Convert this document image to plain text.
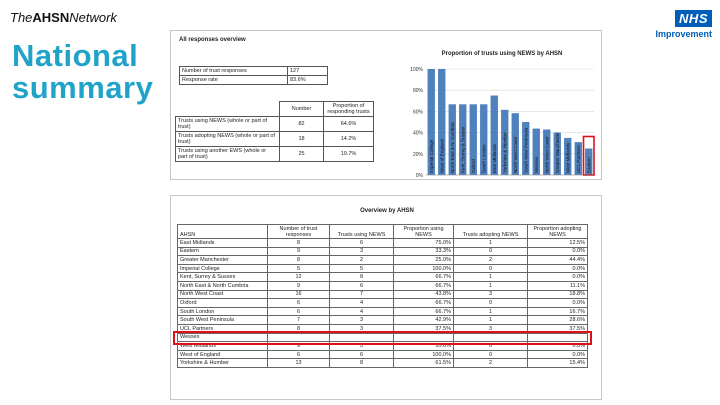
TheAHSNNetwork
National
summary
NHS
Improvement
All responses overview
Number of trust responses	127
Response rate	83.6%
	Number	Proportion of responding trusts
Trusts using NEWS (whole or part of trust)	82	64.6%
Trusts adopting NEWS (whole or part of trust)	18	14.2%
Trusts using another EWS (whole or part of trust)	25	19.7%
Proportion of trusts using NEWS by AHSN
0%
20%
40%
60%
80%
100%
Imperial College West of England North East & N. Cumbria Kent, Surrey & Sussex Oxford South London East Midlands Yorkshire & Humber North West Coast South West Peninsula Wessex North West Coast Greater Manchester West Midlands UCL Partners Eastern
Overview by AHSN
AHSN	Number of trust responses	Trusts using NEWS	Proportion using NEWS	Trusts adopting NEWS	Proportion adopting NEWS
East Midlands	8	6	75.0%	1	12.5%
Eastern	9	3	33.3%	0	0.0%
Greater Manchester	8	2	25.0%	2	44.4%
Imperial College	5	5	100.0%	0	0.0%
Kent, Surrey & Sussex	12	8	66.7%	1	0.0%
North East & North Cumbria	9	6	66.7%	1	11.1%
North West Coast	16	7	43.8%	3	18.8%
Oxford	6	4	66.7%	0	0.0%
South London	6	4	66.7%	1	16.7%
South West Peninsula	7	3	42.9%	1	28.6%
UCL Partners	8	3	37.5%	3	37.5%
Wessex					
West Midlands	9	5	55.6%	0	0.0%
West of England	6	6	100.0%	0	0.0%
Yorkshire & Humber	13	8	61.5%	2	15.4%
